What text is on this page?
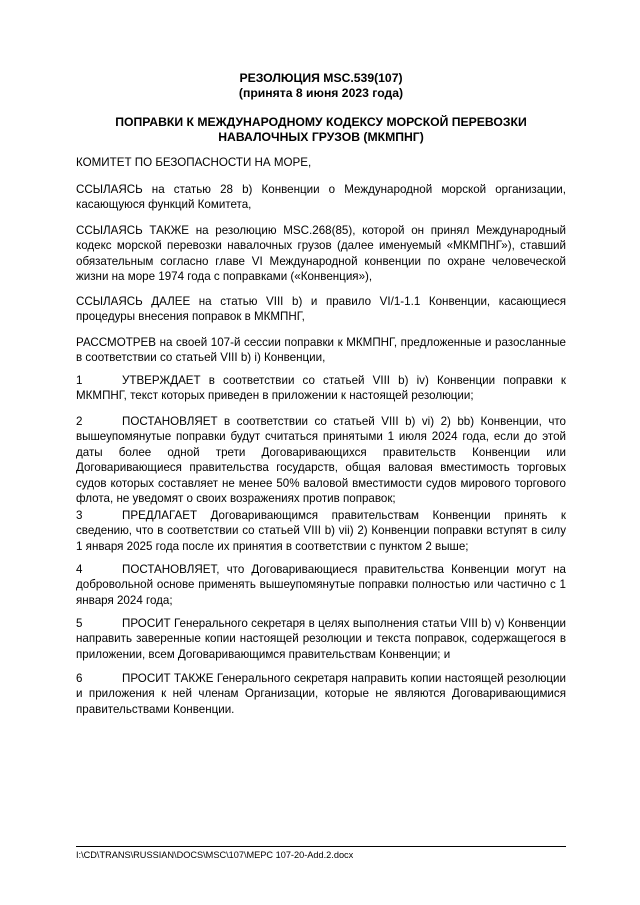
РЕЗОЛЮЦИЯ MSC.539(107)
(принята 8 июня 2023 года)
ПОПРАВКИ К МЕЖДУНАРОДНОМУ КОДЕКСУ МОРСКОЙ ПЕРЕВОЗКИ
НАВАЛОЧНЫХ ГРУЗОВ (МКМПНГ)

КОМИТЕТ ПО БЕЗОПАСНОСТИ НА МОРЕ,

ССЫЛАЯСЬ на статью 28 b) Конвенции о Международной морской организации, касающуюся функций Комитета,

ССЫЛАЯСЬ ТАКЖЕ на резолюцию MSC.268(85), которой он принял Международный кодекс морской перевозки навалочных грузов (далее именуемый «МКМПНГ»), ставший обязательным согласно главе VI Международной конвенции по охране человеческой жизни на море 1974 года с поправками («Конвенция»),

ССЫЛАЯСЬ ДАЛЕЕ на статью VIII b) и правило VI/1-1.1 Конвенции, касающиеся процедуры внесения поправок в МКМПНГ,

РАССМОТРЕВ на своей 107-й сессии поправки к МКМПНГ, предложенные и разосланные в соответствии со статьей VIII b) i) Конвенции,

1	УТВЕРЖДАЕТ в соответствии со статьей VIII b) iv) Конвенции поправки к МКМПНГ, текст которых приведен в приложении к настоящей резолюции;

2	ПОСТАНОВЛЯЕТ в соответствии со статьей VIII b) vi) 2) bb) Конвенции, что вышеупомянутые поправки будут считаться принятыми 1 июля 2024 года, если до этой даты более одной трети Договаривающихся правительств Конвенции или Договаривающиеся правительства государств, общая валовая вместимость торговых судов которых составляет не менее 50% валовой вместимости судов мирового торгового флота, не уведомят о своих возражениях против поправок;

3	ПРЕДЛАГАЕТ Договаривающимся правительствам Конвенции принять к сведению, что в соответствии со статьей VIII b) vii) 2) Конвенции поправки вступят в силу 1 января 2025 года после их принятия в соответствии с пунктом 2 выше;

4	ПОСТАНОВЛЯЕТ, что Договаривающиеся правительства Конвенции могут на добровольной основе применять вышеупомянутые поправки полностью или частично с 1 января 2024 года;

5	ПРОСИТ Генерального секретаря в целях выполнения статьи VIII b) v) Конвенции направить заверенные копии настоящей резолюции и текста поправок, содержащегося в приложении, всем Договаривающимся правительствам Конвенции; и

6	ПРОСИТ ТАКЖЕ Генерального секретаря направить копии настоящей резолюции и приложения к ней членам Организации, которые не являются Договаривающимися правительствами Конвенции.

I:\CD\TRANS\RUSSIAN\DOCS\MSC\107\MEPC 107-20-Add.2.docx
